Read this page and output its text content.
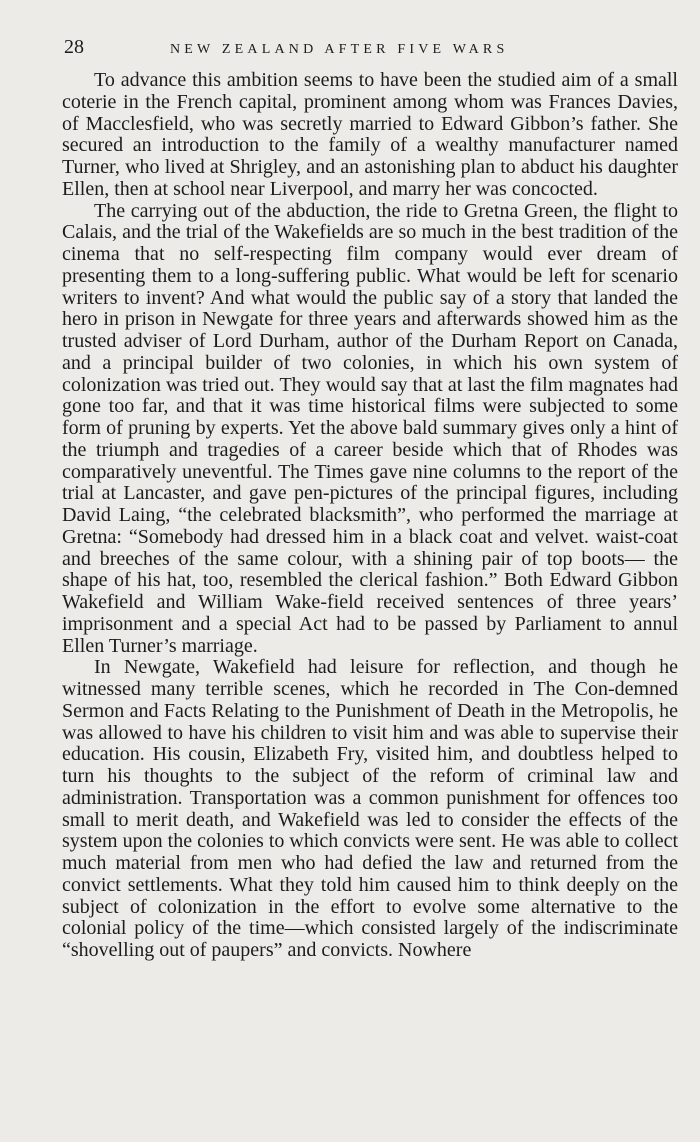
28	NEW ZEALAND AFTER FIVE WARS

To advance this ambition seems to have been the studied aim of a small coterie in the French capital, prominent among whom was Frances Davies, of Macclesfield, who was secretly married to Edward Gibbon’s father. She secured an introduction to the family of a wealthy manufacturer named Turner, who lived at Shrigley, and an astonishing plan to abduct his daughter Ellen, then at school near Liverpool, and marry her was concocted.

The carrying out of the abduction, the ride to Gretna Green, the flight to Calais, and the trial of the Wakefields are so much in the best tradition of the cinema that no self-respecting film company would ever dream of presenting them to a long-suffering public. What would be left for scenario writers to invent? And what would the public say of a story that landed the hero in prison in Newgate for three years and afterwards showed him as the trusted adviser of Lord Durham, author of the Durham Report on Canada, and a principal builder of two colonies, in which his own system of colonization was tried out. They would say that at last the film magnates had gone too far, and that it was time historical films were subjected to some form of pruning by experts. Yet the above bald summary gives only a hint of the triumph and tragedies of a career beside which that of Rhodes was comparatively uneventful. The Times gave nine columns to the report of the trial at Lancaster, and gave pen-pictures of the principal figures, including David Laing, “the celebrated blacksmith”, who performed the marriage at Gretna: “Somebody had dressed him in a black coat and velvet. waist-coat and breeches of the same colour, with a shining pair of top boots— the shape of his hat, too, resembled the clerical fashion.” Both Edward Gibbon Wakefield and William Wake-field received sentences of three years’ imprisonment and a special Act had to be passed by Parliament to annul Ellen Turner’s marriage.

In Newgate, Wakefield had leisure for reflection, and though he witnessed many terrible scenes, which he recorded in The Con-demned Sermon and Facts Relating to the Punishment of Death in the Metropolis, he was allowed to have his children to visit him and was able to supervise their education. His cousin, Elizabeth Fry, visited him, and doubtless helped to turn his thoughts to the subject of the reform of criminal law and administration. Transportation was a common punishment for offences too small to merit death, and Wakefield was led to consider the effects of the system upon the colonies to which convicts were sent. He was able to collect much material from men who had defied the law and returned from the convict settlements. What they told him caused him to think deeply on the subject of colonization in the effort to evolve some alternative to the colonial policy of the time—which consisted largely of the indiscriminate “shovelling out of paupers” and convicts. Nowhere
